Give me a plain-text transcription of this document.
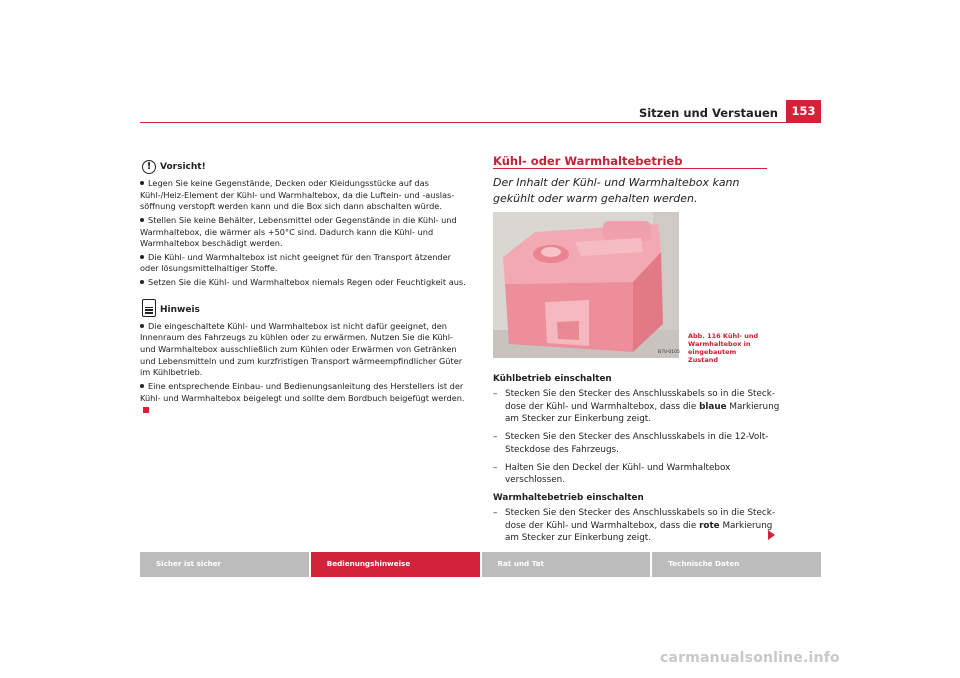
Sitzen und Verstauen	153
! Vorsicht!
Legen Sie keine Gegenstände, Decken oder Kleidungsstücke auf das Kühl-/Heiz-Element der Kühl- und Warmhaltebox, da die Luftein- und -auslassöffnung verstopft werden kann und die Box sich dann abschalten würde.
Stellen Sie keine Behälter, Lebensmittel oder Gegenstände in die Kühl- und Warmhaltebox, die wärmer als +50°C sind. Dadurch kann die Kühl- und Warmhaltebox beschädigt werden.
Die Kühl- und Warmhaltebox ist nicht geeignet für den Transport ätzender oder lösungsmittelhaltiger Stoffe.
Setzen Sie die Kühl- und Warmhaltebox niemals Regen oder Feuchtigkeit aus.
Hinweis
Die eingeschaltete Kühl- und Warmhaltebox ist nicht dafür geeignet, den Innenraum des Fahrzeugs zu kühlen oder zu erwärmen. Nutzen Sie die Kühl- und Warmhaltebox ausschließlich zum Kühlen oder Erwärmen von Getränken und Lebensmitteln und zum kurzfristigen Transport wärmeempfindlicher Güter im Kühlbetrieb.
Eine entsprechende Einbau- und Bedienungsanleitung des Herstellers ist der Kühl- und Warmhaltebox beigelegt und sollte dem Bordbuch beigefügt werden.
Kühl- oder Warmhaltebetrieb
Der Inhalt der Kühl- und Warmhaltebox kann gekühlt oder warm gehalten werden.
B7V-0105
Abb. 116 Kühl- und Warmhaltebox in eingebautem Zustand
Kühlbetrieb einschalten
– Stecken Sie den Stecker des Anschlusskabels so in die Steckdose der Kühl- und Warmhaltebox, dass die blaue Markierung am Stecker zur Einkerbung zeigt.
– Stecken Sie den Stecker des Anschlusskabels in die 12-Volt-Steckdose des Fahrzeugs.
– Halten Sie den Deckel der Kühl- und Warmhaltebox verschlossen.
Warmhaltebetrieb einschalten
– Stecken Sie den Stecker des Anschlusskabels so in die Steckdose der Kühl- und Warmhaltebox, dass die rote Markierung am Stecker zur Einkerbung zeigt.
Sicher ist sicher	Bedienungshinweise	Rat und Tat	Technische Daten
carmanualsonline.info
